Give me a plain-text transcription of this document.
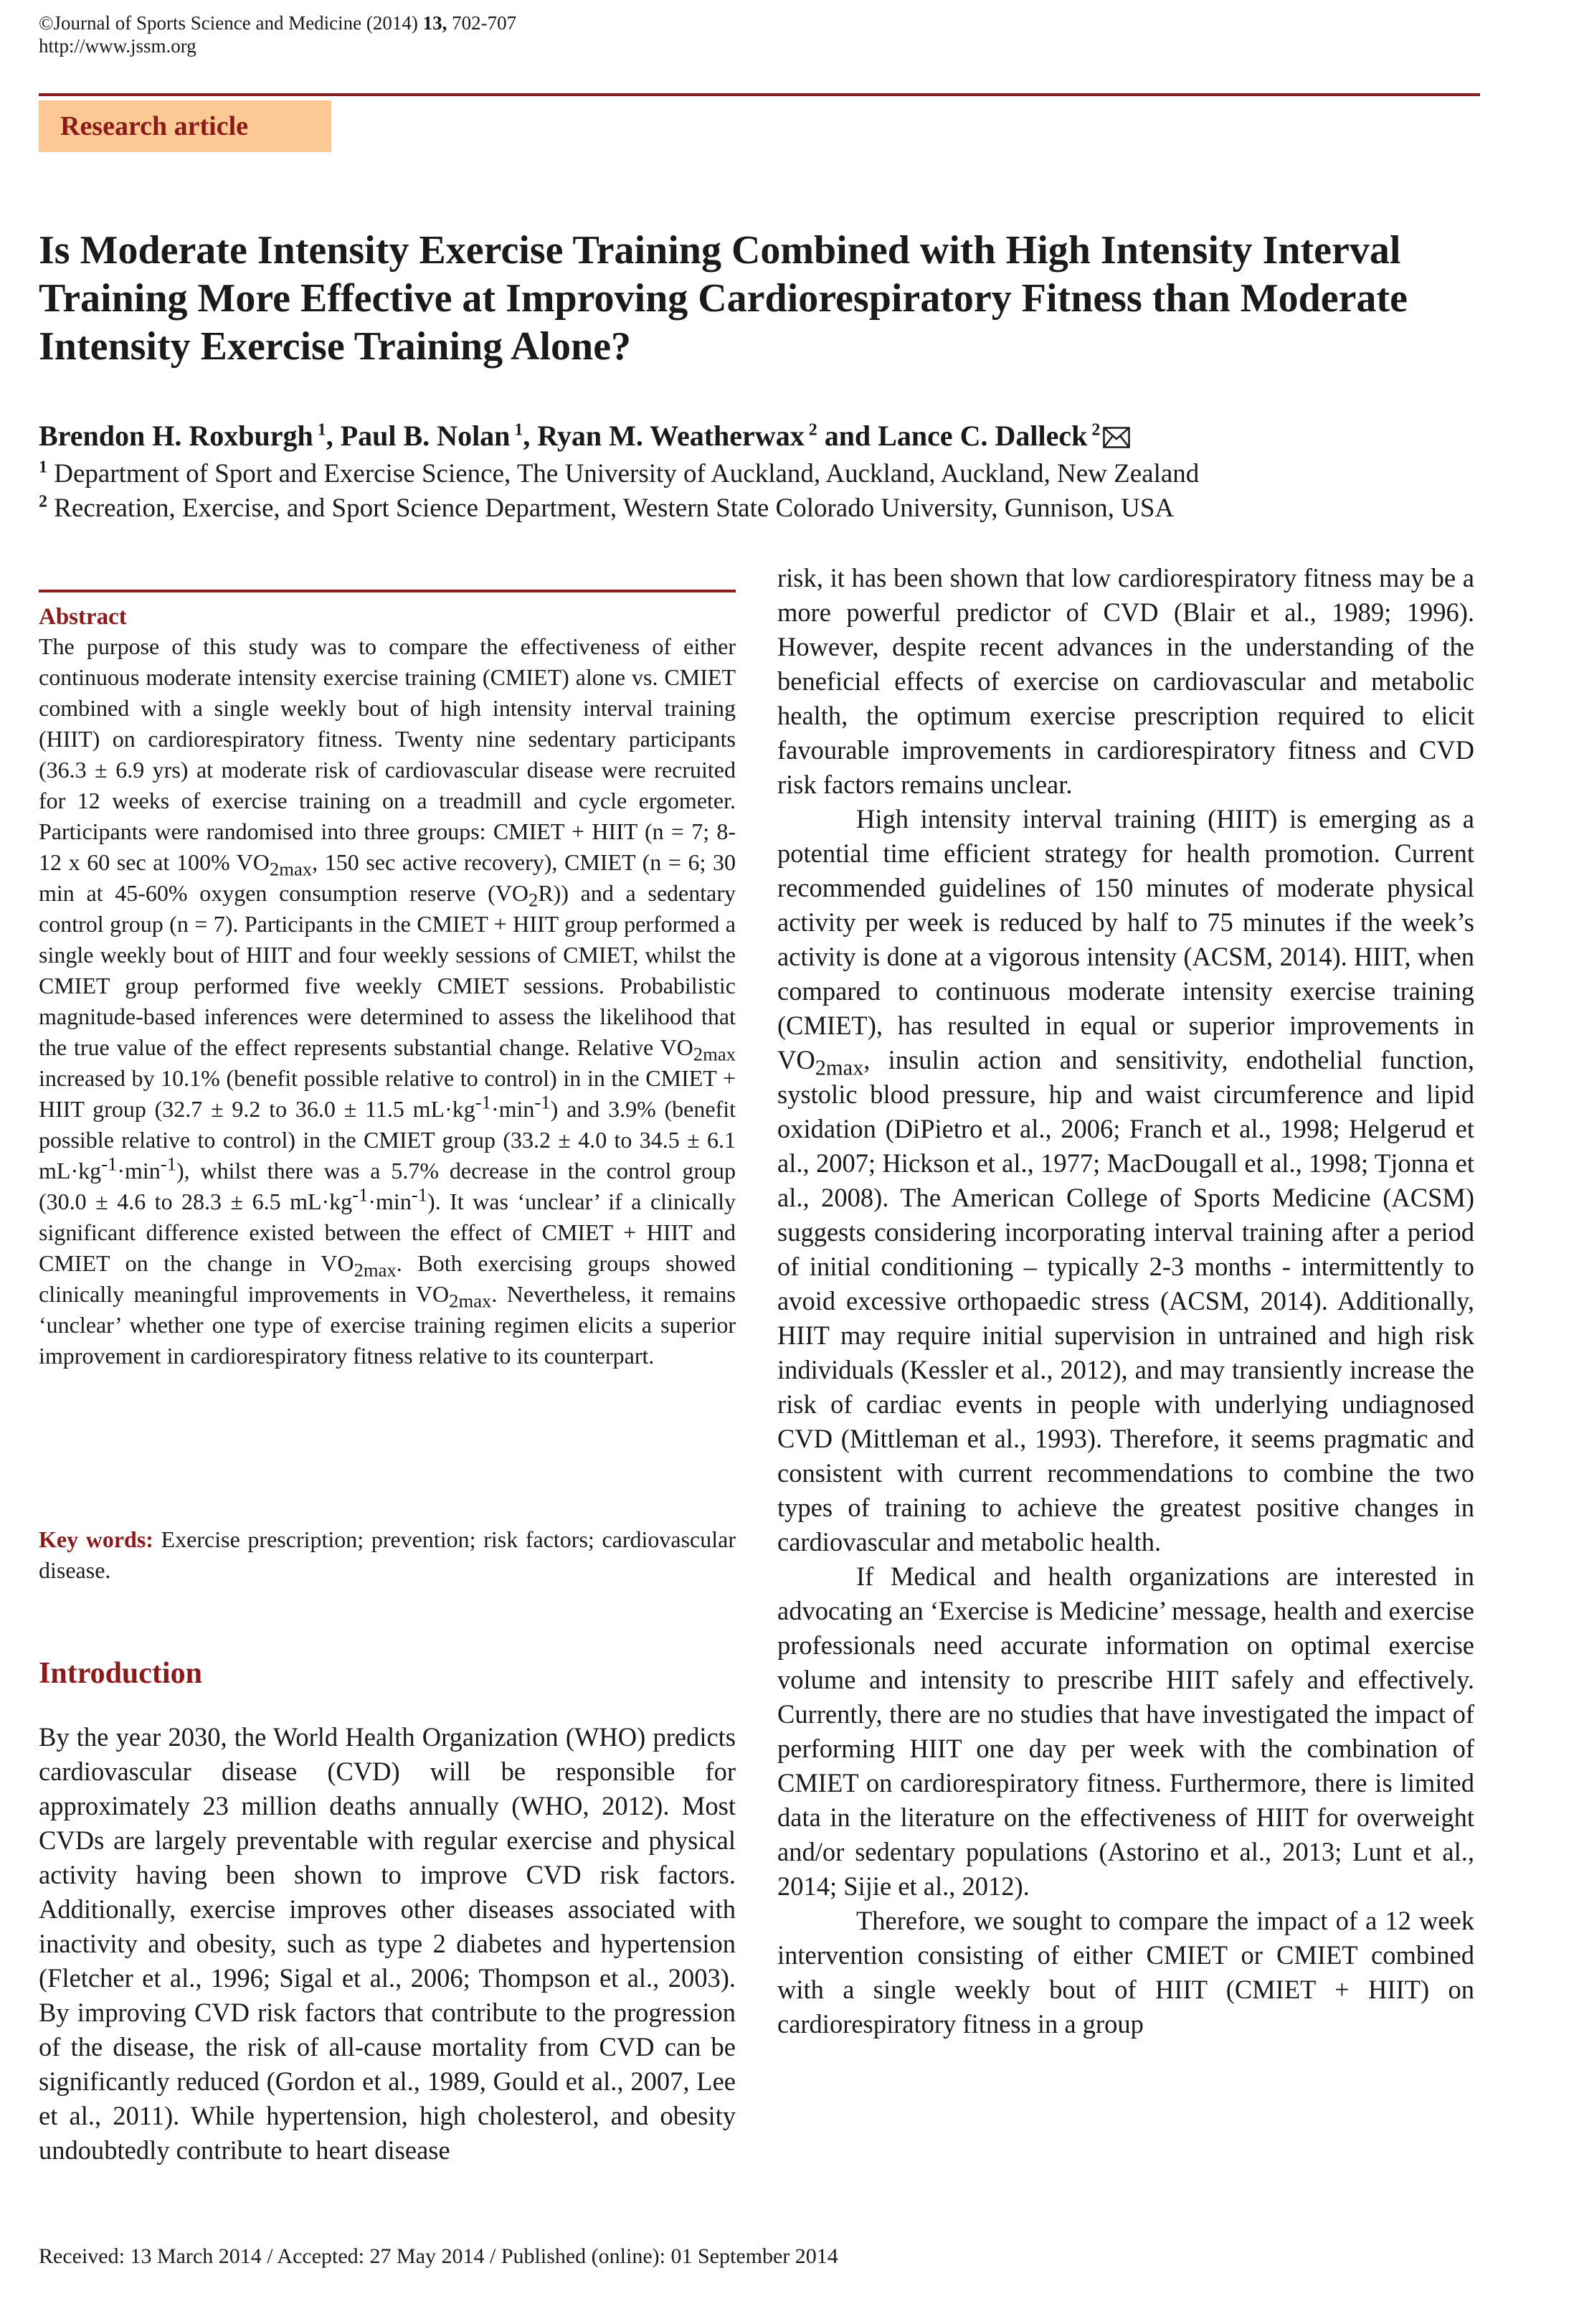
©Journal of Sports Science and Medicine (2014) 13, 702-707
http://www.jssm.org
Research article
Is Moderate Intensity Exercise Training Combined with High Intensity Interval Training More Effective at Improving Cardiorespiratory Fitness than Moderate Intensity Exercise Training Alone?
Brendon H. Roxburgh $^1$, Paul B. Nolan $^1$, Ryan M. Weatherwax $^2$ and Lance C. Dalleck $^2$
$^1$ Department of Sport and Exercise Science, The University of Auckland, Auckland, Auckland, New Zealand
$^2$ Recreation, Exercise, and Sport Science Department, Western State Colorado University, Gunnison, USA
Abstract
The purpose of this study was to compare the effectiveness of either continuous moderate intensity exercise training (CMIET) alone vs. CMIET combined with a single weekly bout of high intensity interval training (HIIT) on cardiorespiratory fitness. Twenty nine sedentary participants (36.3 ± 6.9 yrs) at moderate risk of cardiovascular disease were recruited for 12 weeks of exercise training on a treadmill and cycle ergometer. Participants were randomised into three groups: CMIET + HIIT (n = 7; 8-12 x 60 sec at 100% $VO_{2max}$, 150 sec active recovery), CMIET (n = 6; 30 min at 45-60% oxygen consumption reserve $(VO_2R)$) and a sedentary control group (n = 7). Participants in the CMIET + HIIT group performed a single weekly bout of HIIT and four weekly sessions of CMIET, whilst the CMIET group performed five weekly CMIET sessions. Probabilistic magnitude-based inferences were determined to assess the likelihood that the true value of the effect represents substantial change. Relative $VO_{2max}$ increased by 10.1% (benefit possible relative to control) in in the CMIET + HIIT group (32.7 ± 9.2 to 36.0 ± 11.5 $mL\cdot kg^{-1}\cdot\min^{-1}$) and 3.9% (benefit possible relative to control) in the CMIET group (33.2 ± 4.0 to 34.5 ± 6.1 $mL\cdot kg^{-1}\cdot\min^{-1}$), whilst there was a 5.7% decrease in the control group (30.0 ± 4.6 to 28.3 ± 6.5 $mL\cdot kg^{-1}\cdot\min^{-1}$). It was ‘unclear’ if a clinically significant difference existed between the effect of CMIET + HIIT and CMIET on the change in $VO_{2max}$. Both exercising groups showed clinically meaningful improvements in $VO_{2max}$. Nevertheless, it remains ‘unclear’ whether one type of exercise training regimen elicits a superior improvement in cardiorespiratory fitness relative to its counterpart.
Key words: Exercise prescription; prevention; risk factors; cardiovascular disease.
Introduction
By the year 2030, the World Health Organization (WHO) predicts cardiovascular disease (CVD) will be responsible for approximately 23 million deaths annually (WHO, 2012). Most CVDs are largely preventable with regular exercise and physical activity having been shown to improve CVD risk factors. Additionally, exercise improves other diseases associated with inactivity and obesity, such as type 2 diabetes and hypertension (Fletcher et al., 1996; Sigal et al., 2006; Thompson et al., 2003). By improving CVD risk factors that contribute to the progression of the disease, the risk of all-cause mortality from CVD can be significantly reduced (Gordon et al., 1989, Gould et al., 2007, Lee et al., 2011). While hypertension, high cholesterol, and obesity undoubtedly contribute to heart disease

risk, it has been shown that low cardiorespiratory fitness may be a more powerful predictor of CVD (Blair et al., 1989; 1996). However, despite recent advances in the understanding of the beneficial effects of exercise on cardiovascular and metabolic health, the optimum exercise prescription required to elicit favourable improvements in cardiorespiratory fitness and CVD risk factors remains unclear.

High intensity interval training (HIIT) is emerging as a potential time efficient strategy for health promotion. Current recommended guidelines of 150 minutes of moderate physical activity per week is reduced by half to 75 minutes if the week’s activity is done at a vigorous intensity (ACSM, 2014). HIIT, when compared to continuous moderate intensity exercise training (CMIET), has resulted in equal or superior improvements in $VO_{2max}$, insulin action and sensitivity, endothelial function, systolic blood pressure, hip and waist circumference and lipid oxidation (DiPietro et al., 2006; Franch et al., 1998; Helgerud et al., 2007; Hickson et al., 1977; MacDougall et al., 1998; Tjonna et al., 2008). The American College of Sports Medicine (ACSM) suggests considering incorporating interval training after a period of initial conditioning – typically 2-3 months - intermittently to avoid excessive orthopaedic stress (ACSM, 2014). Additionally, HIIT may require initial supervision in untrained and high risk individuals (Kessler et al., 2012), and may transiently increase the risk of cardiac events in people with underlying undiagnosed CVD (Mittleman et al., 1993). Therefore, it seems pragmatic and consistent with current recommendations to combine the two types of training to achieve the greatest positive changes in cardiovascular and metabolic health.

If Medical and health organizations are interested in advocating an ‘Exercise is Medicine’ message, health and exercise professionals need accurate information on optimal exercise volume and intensity to prescribe HIIT safely and effectively. Currently, there are no studies that have investigated the impact of performing HIIT one day per week with the combination of CMIET on cardiorespiratory fitness. Furthermore, there is limited data in the literature on the effectiveness of HIIT for overweight and/or sedentary populations (Astorino et al., 2013; Lunt et al., 2014; Sijie et al., 2012).

Therefore, we sought to compare the impact of a 12 week intervention consisting of either CMIET or CMIET combined with a single weekly bout of HIIT (CMIET + HIIT) on cardiorespiratory fitness in a group

Received: 13 March 2014 / Accepted: 27 May 2014 / Published (online): 01 September 2014
